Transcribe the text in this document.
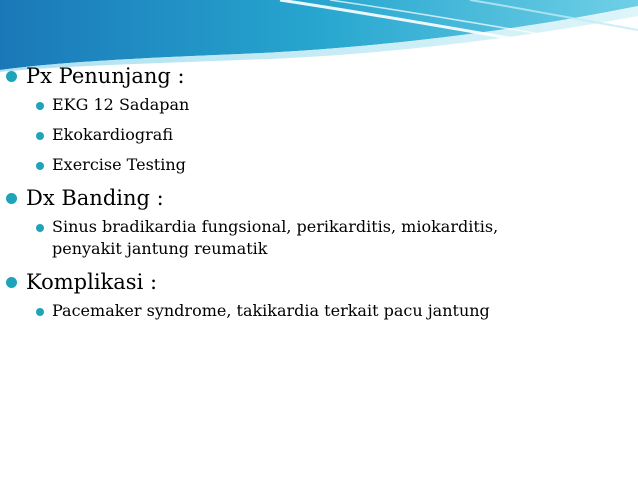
Px Penunjang :
EKG 12 Sadapan
Ekokardiografi
Exercise Testing
Dx Banding :
Sinus bradikardia fungsional, perikarditis, miokarditis, penyakit jantung reumatik
Komplikasi :
Pacemaker syndrome, takikardia terkait pacu jantung
